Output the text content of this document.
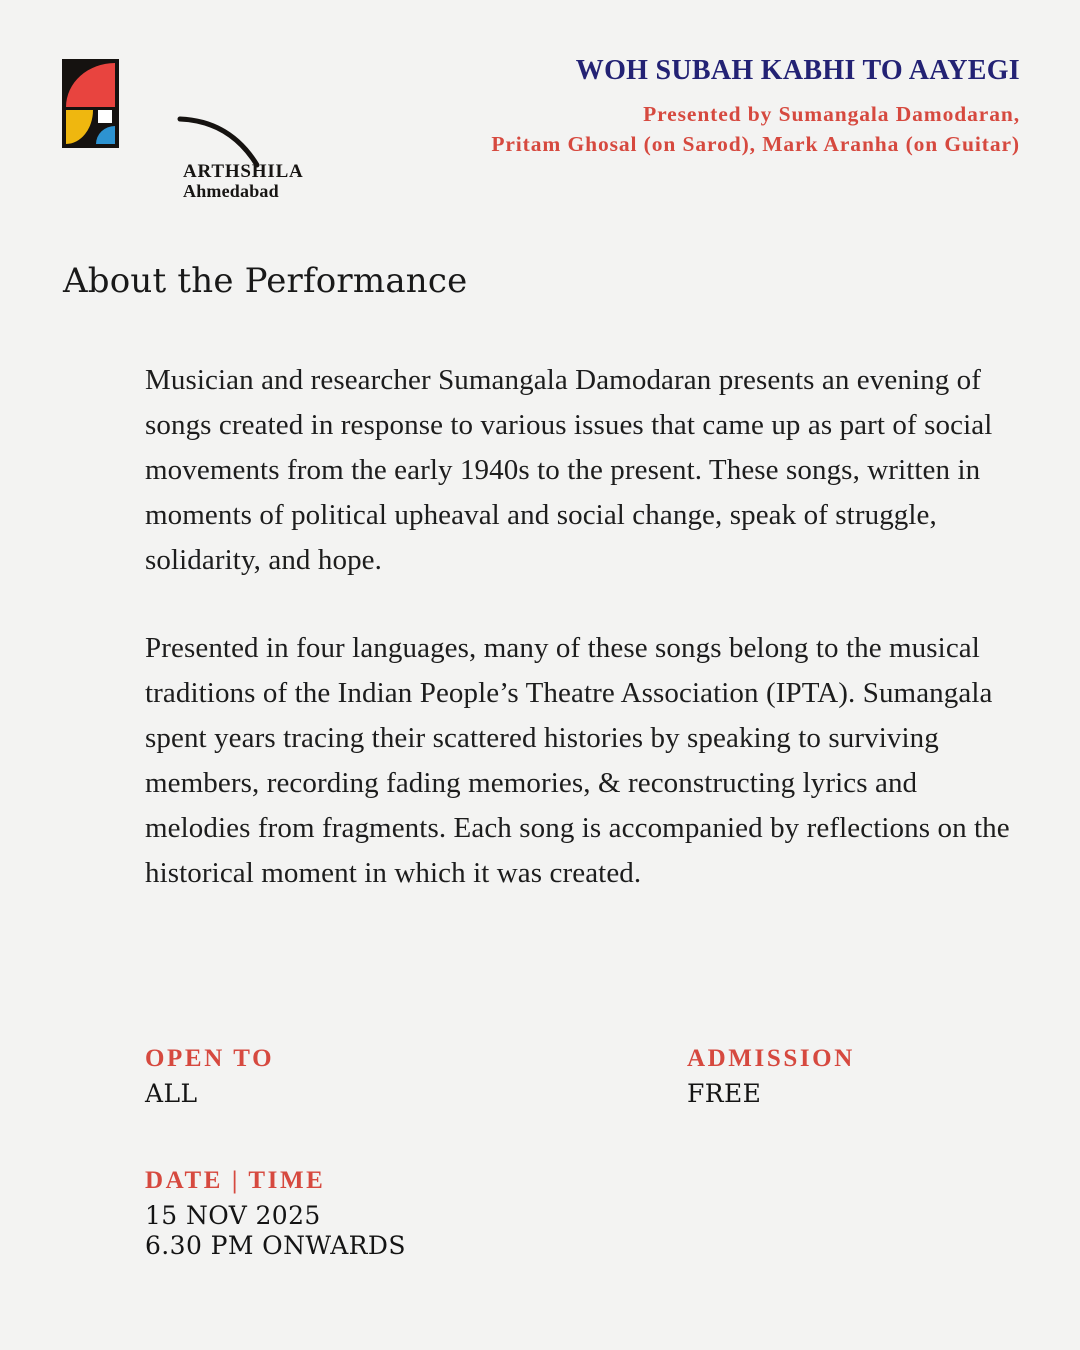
ARTHSHILA
Ahmedabad
WOH SUBAH KABHI TO AAYEGI
Presented by Sumangala Damodaran,
Pritam Ghosal (on Sarod), Mark Aranha (on Guitar)
About the Performance

Musician and researcher Sumangala Damodaran presents an evening of songs created in response to various issues that came up as part of social movements from the early 1940s to the present. These songs, written in moments of political upheaval and social change, speak of struggle, solidarity, and hope.

Presented in four languages, many of these songs belong to the musical traditions of the Indian People’s Theatre Association (IPTA). Sumangala spent years tracing their scattered histories by speaking to surviving members, recording fading memories, & reconstructing lyrics and melodies from fragments. Each song is accompanied by reflections on the historical moment in which it was created.

OPEN TO
ALL
ADMISSION
FREE
DATE | TIME
15 NOV 2025
6.30 PM ONWARDS
